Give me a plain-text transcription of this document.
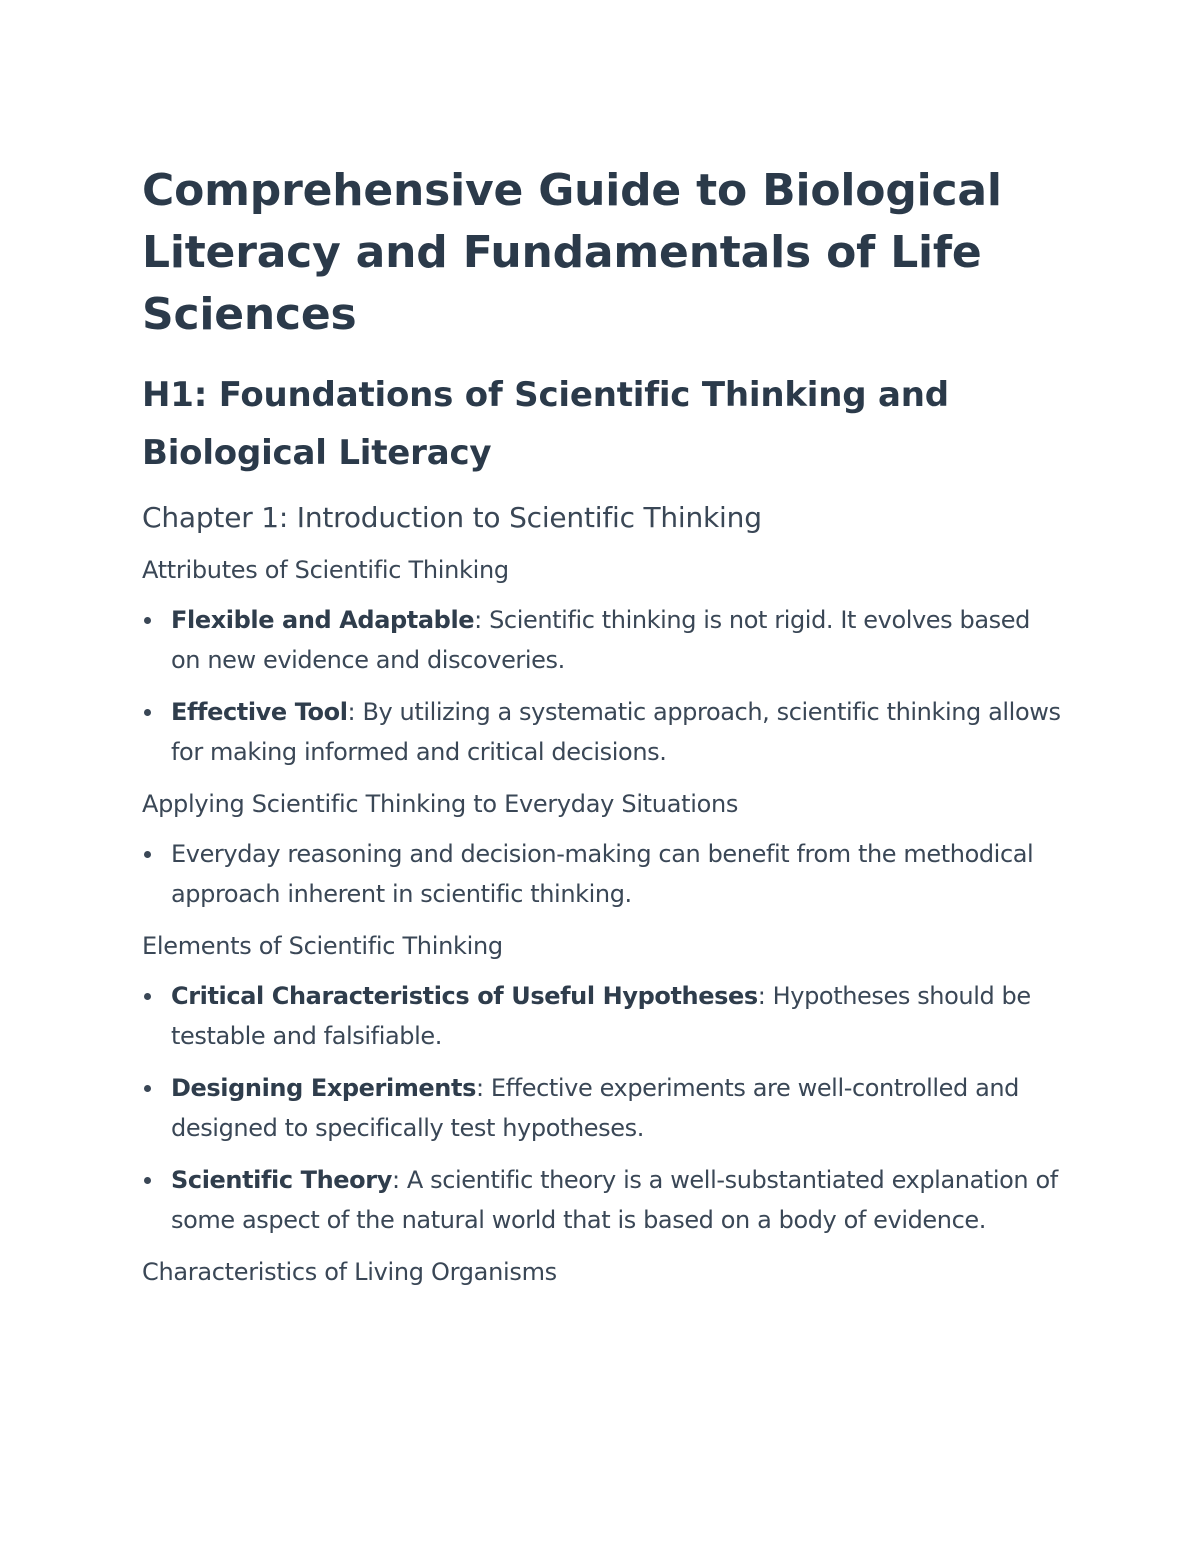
Comprehensive Guide to Biological Literacy and Fundamentals of Life Sciences
H1: Foundations of Scientific Thinking and Biological Literacy
Chapter 1: Introduction to Scientific Thinking
Attributes of Scientific Thinking
Flexible and Adaptable: Scientific thinking is not rigid. It evolves based on new evidence and discoveries.
Effective Tool: By utilizing a systematic approach, scientific thinking allows for making informed and critical decisions.
Applying Scientific Thinking to Everyday Situations
Everyday reasoning and decision-making can benefit from the methodical approach inherent in scientific thinking.
Elements of Scientific Thinking
Critical Characteristics of Useful Hypotheses: Hypotheses should be testable and falsifiable.
Designing Experiments: Effective experiments are well-controlled and designed to specifically test hypotheses.
Scientific Theory: A scientific theory is a well-substantiated explanation of some aspect of the natural world that is based on a body of evidence.
Characteristics of Living Organisms
